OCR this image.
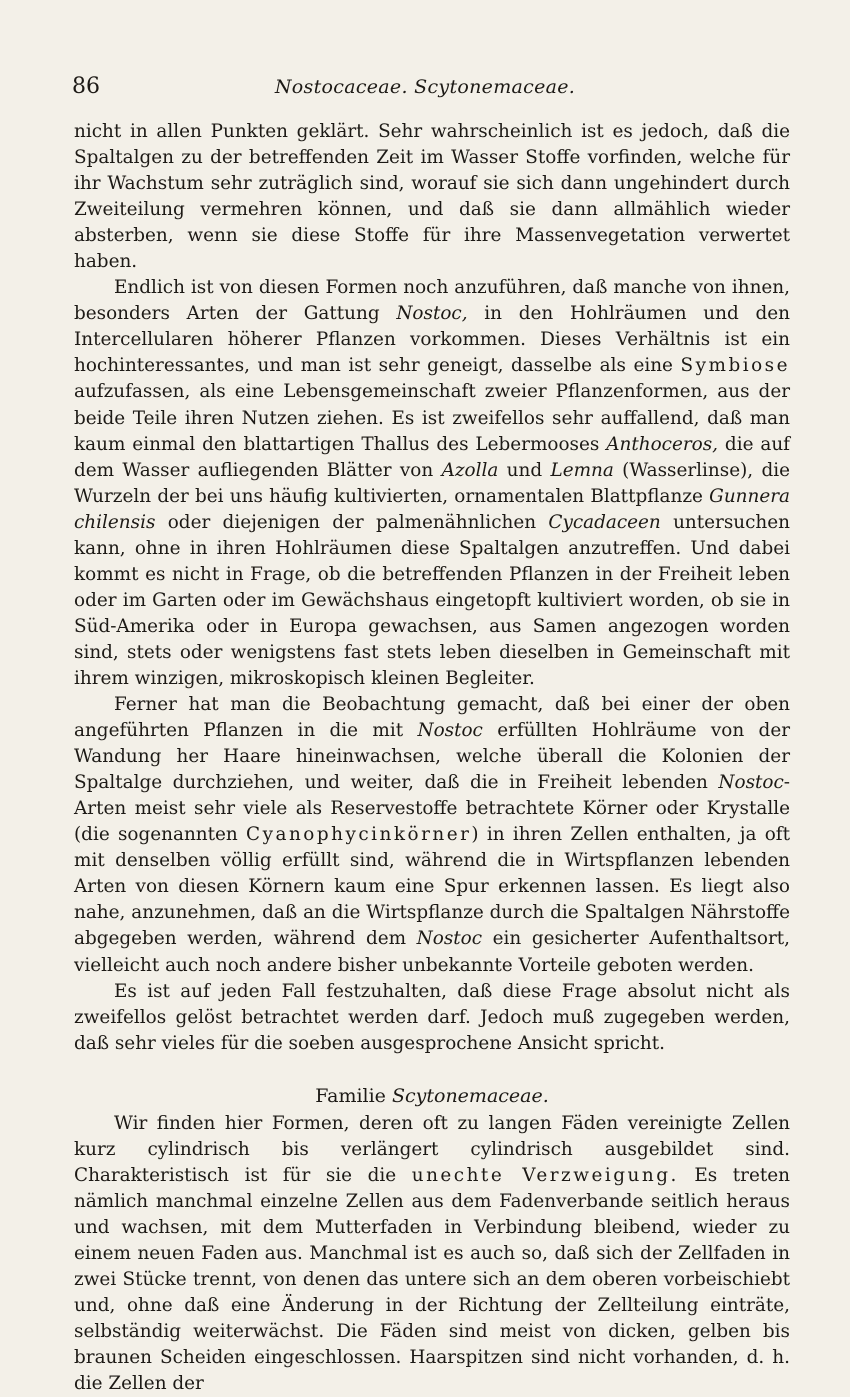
86	Nostocaceae. Scytonemaceae.

nicht in allen Punkten geklärt. Sehr wahrscheinlich ist es jedoch, daß die Spaltalgen zu der betreffenden Zeit im Wasser Stoffe vorfinden, welche für ihr Wachstum sehr zuträglich sind, worauf sie sich dann ungehindert durch Zweiteilung vermehren können, und daß sie dann allmählich wieder absterben, wenn sie diese Stoffe für ihre Massenvegetation verwertet haben.

Endlich ist von diesen Formen noch anzuführen, daß manche von ihnen, besonders Arten der Gattung Nostoc, in den Hohlräumen und den Intercellularen höherer Pflanzen vorkommen. Dieses Verhältnis ist ein hochinteressantes, und man ist sehr geneigt, dasselbe als eine Symbiose aufzufassen, als eine Lebensgemeinschaft zweier Pflanzenformen, aus der beide Teile ihren Nutzen ziehen. Es ist zweifellos sehr auffallend, daß man kaum einmal den blattartigen Thallus des Lebermooses Anthoceros, die auf dem Wasser aufliegenden Blätter von Azolla und Lemna (Wasserlinse), die Wurzeln der bei uns häufig kultivierten, ornamentalen Blattpflanze Gunnera chilensis oder diejenigen der palmenähnlichen Cycadaceen untersuchen kann, ohne in ihren Hohlräumen diese Spaltalgen anzutreffen. Und dabei kommt es nicht in Frage, ob die betreffenden Pflanzen in der Freiheit leben oder im Garten oder im Gewächshaus eingetopft kultiviert worden, ob sie in Süd-Amerika oder in Europa gewachsen, aus Samen angezogen worden sind, stets oder wenigstens fast stets leben dieselben in Gemeinschaft mit ihrem winzigen, mikroskopisch kleinen Begleiter.

Ferner hat man die Beobachtung gemacht, daß bei einer der oben angeführten Pflanzen in die mit Nostoc erfüllten Hohlräume von der Wandung her Haare hineinwachsen, welche überall die Kolonien der Spaltalge durchziehen, und weiter, daß die in Freiheit lebenden Nostoc-Arten meist sehr viele als Reservestoffe betrachtete Körner oder Krystalle (die sogenannten Cyanophycinkörner) in ihren Zellen enthalten, ja oft mit denselben völlig erfüllt sind, während die in Wirtspflanzen lebenden Arten von diesen Körnern kaum eine Spur erkennen lassen. Es liegt also nahe, anzunehmen, daß an die Wirtspflanze durch die Spaltalgen Nährstoffe abgegeben werden, während dem Nostoc ein gesicherter Aufenthaltsort, vielleicht auch noch andere bisher unbekannte Vorteile geboten werden.

Es ist auf jeden Fall festzuhalten, daß diese Frage absolut nicht als zweifellos gelöst betrachtet werden darf. Jedoch muß zugegeben werden, daß sehr vieles für die soeben ausgesprochene Ansicht spricht.

Familie Scytonemaceae.

Wir finden hier Formen, deren oft zu langen Fäden vereinigte Zellen kurz cylindrisch bis verlängert cylindrisch ausgebildet sind. Charakteristisch ist für sie die unechte Verzweigung. Es treten nämlich manchmal einzelne Zellen aus dem Fadenverbande seitlich heraus und wachsen, mit dem Mutterfaden in Verbindung bleibend, wieder zu einem neuen Faden aus. Manchmal ist es auch so, daß sich der Zellfaden in zwei Stücke trennt, von denen das untere sich an dem oberen vorbeischiebt und, ohne daß eine Änderung in der Richtung der Zellteilung einträte, selbständig weiterwächst. Die Fäden sind meist von dicken, gelben bis braunen Scheiden eingeschlossen. Haarspitzen sind nicht vorhanden, d. h. die Zellen der
